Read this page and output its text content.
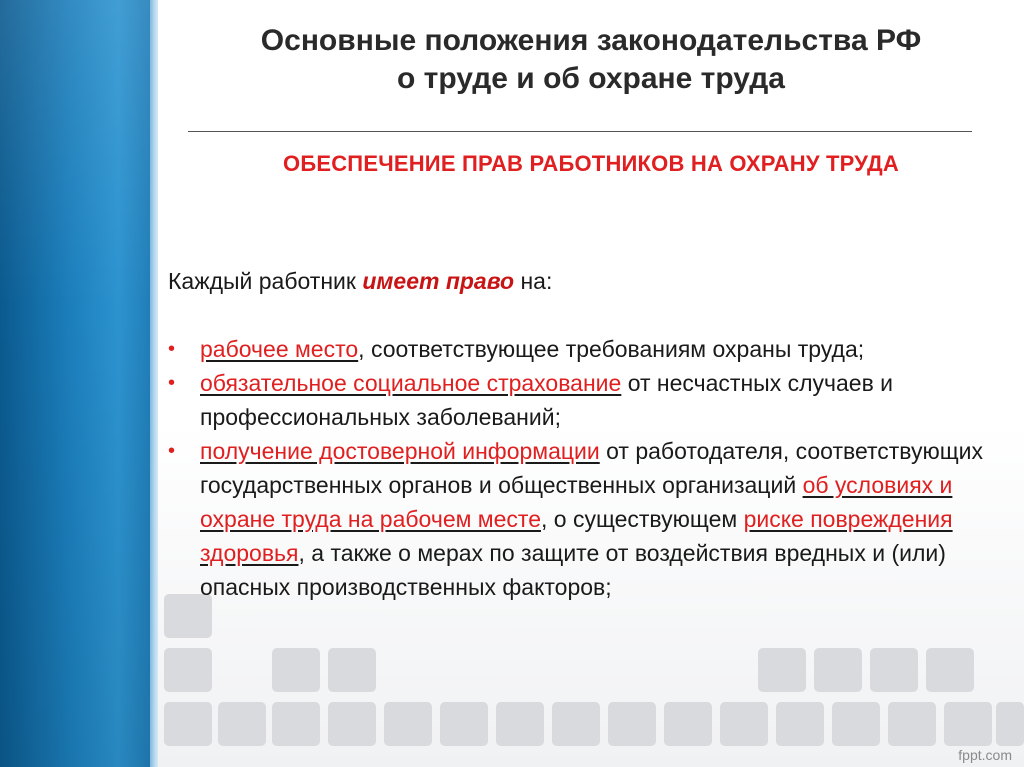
Основные положения законодательства РФ
о труде и об охране труда
ОБЕСПЕЧЕНИЕ ПРАВ РАБОТНИКОВ НА ОХРАНУ ТРУДА
Каждый работник имеет право на:
• рабочее место, соответствующее требованиям охраны труда;
• обязательное социальное страхование от несчастных случаев и профессиональных заболеваний;
• получение достоверной информации от работодателя, соответствующих государственных органов и общественных организаций об условиях и охране труда на рабочем месте, о существующем риске повреждения здоровья, а также о мерах по защите от воздействия вредных и (или) опасных производственных факторов;
fppt.com
